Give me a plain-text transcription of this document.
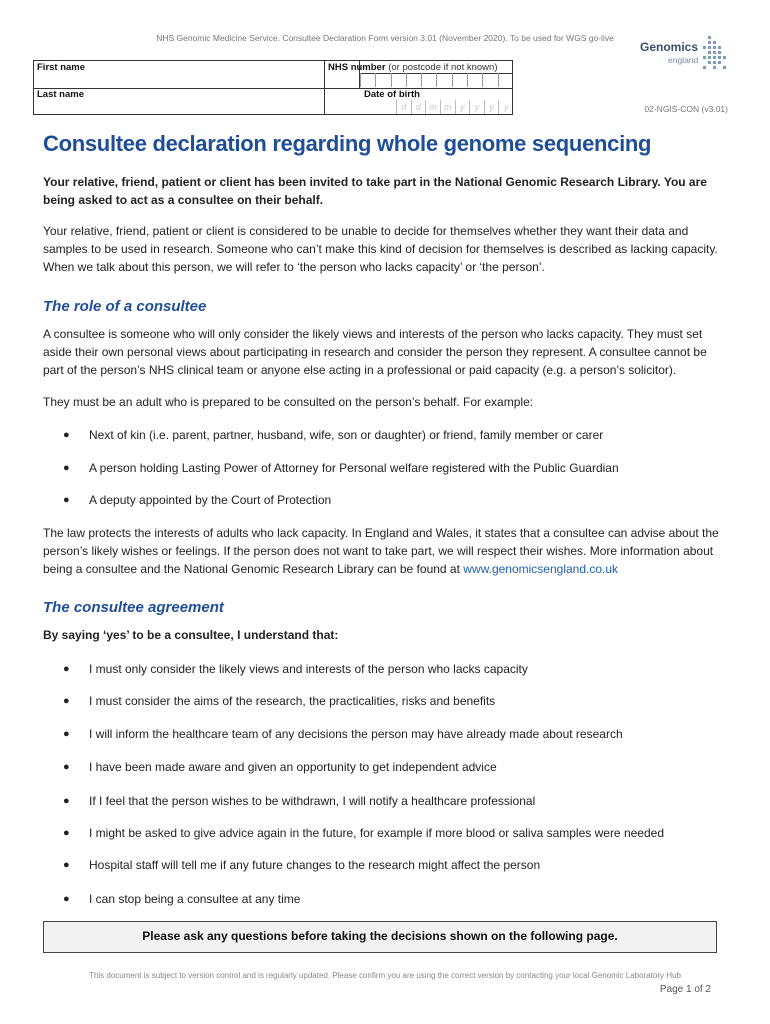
NHS Genomic Medicine Service. Consultee Declaration Form version 3.01 (November 2020). To be used for WGS go-live
First name
Last name
NHS number (or postcode if not known)
Date of birth
d	d m m y	y	y	y
Genomics
england
02-NGIS-CON (v3.01)
Consultee declaration regarding whole genome sequencing
Your relative, friend, patient or client has been invited to take part in the National Genomic Research Library. You are being asked to act as a consultee on their behalf.
Your relative, friend, patient or client is considered to be unable to decide for themselves whether they want their data and samples to be used in research. Someone who can’t make this kind of decision for themselves is described as lacking capacity. When we talk about this person, we will refer to ‘the person who lacks capacity’ or ‘the person’.
The role of a consultee
A consultee is someone who will only consider the likely views and interests of the person who lacks capacity. They must set aside their own personal views about participating in research and consider the person they represent. A consultee cannot be part of the person’s NHS clinical team or anyone else acting in a professional or paid capacity (e.g. a person’s solicitor).
They must be an adult who is prepared to be consulted on the person’s behalf. For example:
● Next of kin (i.e. parent, partner, husband, wife, son or daughter) or friend, family member or carer
● A person holding Lasting Power of Attorney for Personal welfare registered with the Public Guardian
● A deputy appointed by the Court of Protection
The law protects the interests of adults who lack capacity. In England and Wales, it states that a consultee can advise about the person’s likely wishes or feelings. If the person does not want to take part, we will respect their wishes. More information about being a consultee and the National Genomic Research Library can be found at www.genomicsengland.co.uk
The consultee agreement
By saying ‘yes’ to be a consultee, I understand that:
● I must only consider the likely views and interests of the person who lacks capacity
● I must consider the aims of the research, the practicalities, risks and benefits
● I will inform the healthcare team of any decisions the person may have already made about research
● I have been made aware and given an opportunity to get independent advice
● If I feel that the person wishes to be withdrawn, I will notify a healthcare professional
● I might be asked to give advice again in the future, for example if more blood or saliva samples were needed
● Hospital staff will tell me if any future changes to the research might affect the person
● I can stop being a consultee at any time
Please ask any questions before taking the decisions shown on the following page.
This document is subject to version control and is regularly updated. Please confirm you are using the correct version by contacting your local Genomic Laboratory Hub
Page 1 of 2
